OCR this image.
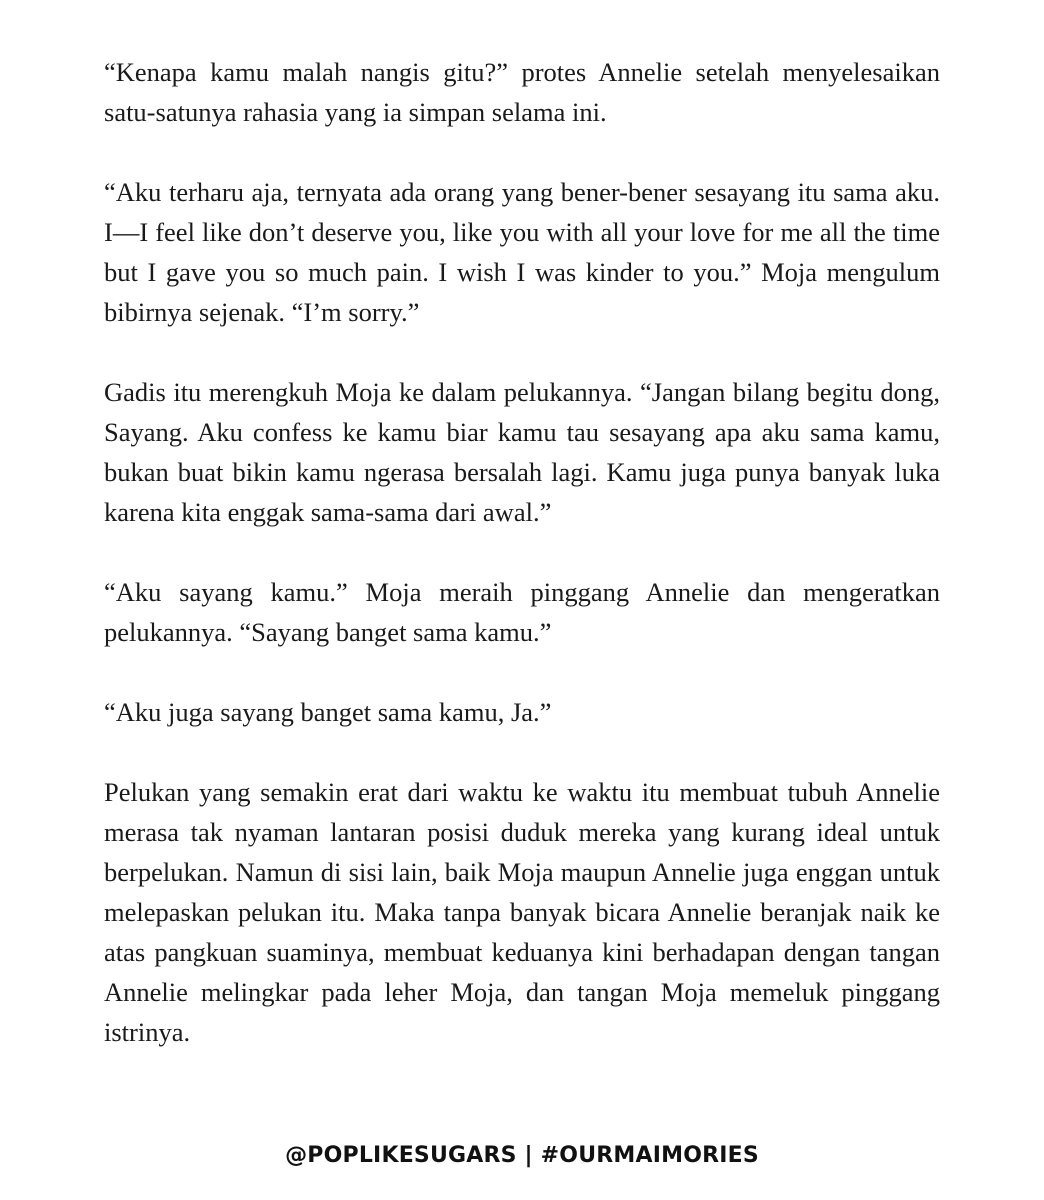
“Kenapa kamu malah nangis gitu?” protes Annelie setelah menyelesaikan satu-satunya rahasia yang ia simpan selama ini.

“Aku terharu aja, ternyata ada orang yang bener-bener sesayang itu sama aku. I—I feel like don’t deserve you, like you with all your love for me all the time but I gave you so much pain. I wish I was kinder to you.” Moja mengulum bibirnya sejenak. “I’m sorry.”

Gadis itu merengkuh Moja ke dalam pelukannya. “Jangan bilang begitu dong, Sayang. Aku confess ke kamu biar kamu tau sesayang apa aku sama kamu, bukan buat bikin kamu ngerasa bersalah lagi. Kamu juga punya banyak luka karena kita enggak sama-sama dari awal.”

“Aku sayang kamu.” Moja meraih pinggang Annelie dan mengeratkan pelukannya. “Sayang banget sama kamu.”

“Aku juga sayang banget sama kamu, Ja.”

Pelukan yang semakin erat dari waktu ke waktu itu membuat tubuh Annelie merasa tak nyaman lantaran posisi duduk mereka yang kurang ideal untuk berpelukan. Namun di sisi lain, baik Moja maupun Annelie juga enggan untuk melepaskan pelukan itu. Maka tanpa banyak bicara Annelie beranjak naik ke atas pangkuan suaminya, membuat keduanya kini berhadapan dengan tangan Annelie melingkar pada leher Moja, dan tangan Moja memeluk pinggang istrinya.

@POPLIKESUGARS | #OURMAIMORIES
